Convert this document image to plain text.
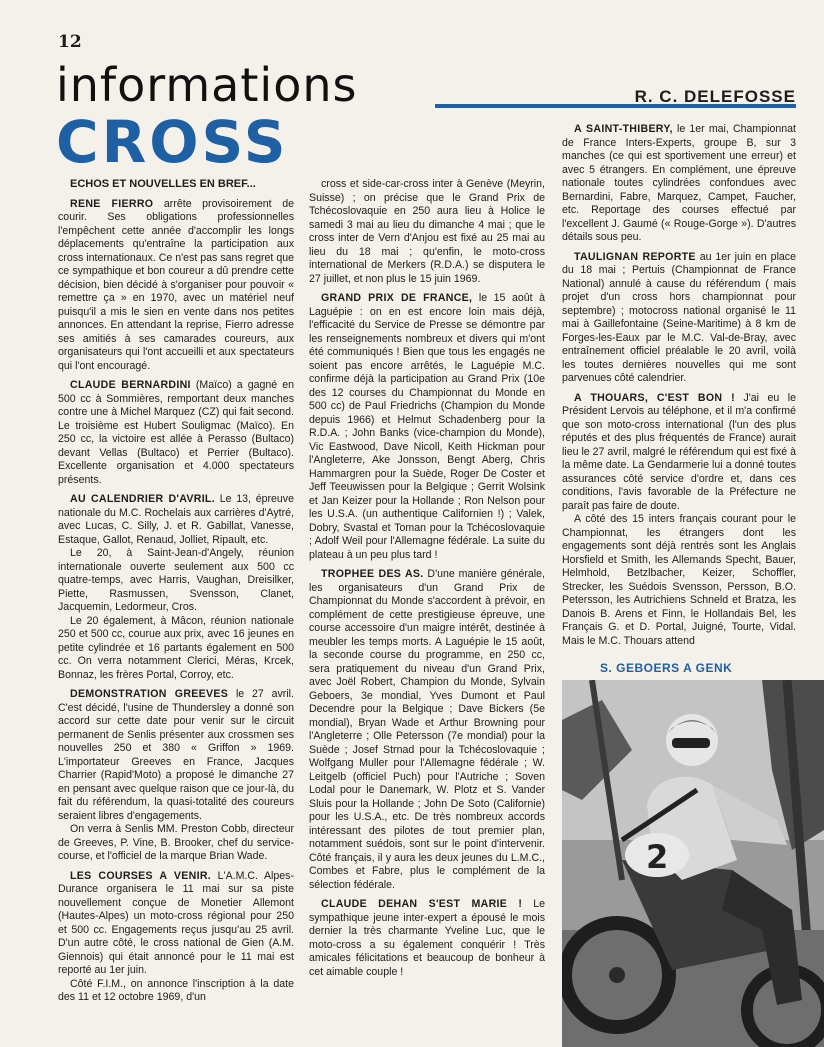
12
informations
CROSS
R. C. DELEFOSSE
ECHOS ET NOUVELLES EN BREF...

RENE FIERRO arrête provisoirement de courir. Ses obligations professionnelles l'empêchent cette année d'accomplir les longs déplacements qu'entraîne la participation aux cross internationaux. Ce n'est pas sans regret que ce sympathique et bon coureur a dû prendre cette décision, bien décidé à s'organiser pour pouvoir « remettre ça » en 1970, avec un matériel neuf puisqu'il a mis le sien en vente dans nos petites annonces. En attendant la reprise, Fierro adresse ses amitiés à ses camarades coureurs, aux organisateurs qui l'ont accueilli et aux spectateurs qui l'ont encouragé.

CLAUDE BERNARDINI (Maïco) a gagné en 500 cc à Sommières, remportant deux manches contre une à Michel Marquez (CZ) qui fait second. Le troisième est Hubert Souligmac (Maïco). En 250 cc, la victoire est allée à Perasso (Bultaco) devant Vellas (Bultaco) et Perrier (Bultaco). Excellente organisation et 4.000 spectateurs présents.

AU CALENDRIER D'AVRIL. Le 13, épreuve nationale du M.C. Rochelais aux carrières d'Aytré, avec Lucas, C. Silly, J. et R. Gabillat, Vanesse, Estaque, Gallot, Renaud, Jolliet, Ripault, etc.

Le 20, à Saint-Jean-d'Angely, réunion internationale ouverte seulement aux 500 cc quatre-temps, avec Harris, Vaughan, Dreisilker, Piette, Rasmussen, Svensson, Clanet, Jacquemin, Ledormeur, Cros.

Le 20 également, à Mâcon, réunion nationale 250 et 500 cc, courue aux prix, avec 16 jeunes en petite cylindrée et 16 partants également en 500 cc. On verra notamment Clerici, Méras, Krcek, Bonnaz, les frères Portal, Corroy, etc.

DEMONSTRATION GREEVES le 27 avril. C'est décidé, l'usine de Thundersley a donné son accord sur cette date pour venir sur le circuit permanent de Senlis présenter aux crossmen ses nouvelles 250 et 380 « Griffon » 1969. L'importateur Greeves en France, Jacques Charrier (Rapid'Moto) a proposé le dimanche 27 en pensant avec quelque raison que ce jour-là, du fait du référendum, la quasi-totalité des coureurs seraient libres d'engagements.

On verra à Senlis MM. Preston Cobb, directeur de Greeves, P. Vine, B. Brooker, chef du service-course, et l'officiel de la marque Brian Wade.

LES COURSES A VENIR. L'A.M.C. Alpes-Durance organisera le 11 mai sur sa piste nouvellement conçue de Monetier Allemont (Hautes-Alpes) un moto-cross régional pour 250 et 500 cc. Engagements reçus jusqu'au 25 avril. D'un autre côté, le cross national de Gien (A.M. Giennois) qui était annoncé pour le 11 mai est reporté au 1er juin.

Côté F.I.M., on annonce l'inscription à la date des 11 et 12 octobre 1969, d'un

cross et side-car-cross inter à Genève (Meyrin, Suisse) ; on précise que le Grand Prix de Tchécoslovaquie en 250 aura lieu à Holice le samedi 3 mai au lieu du dimanche 4 mai ; que le cross inter de Vern d'Anjou est fixé au 25 mai au lieu du 18 mai ; qu'enfin, le moto-cross international de Merkers (R.D.A.) se disputera le 27 juillet, et non plus le 15 juin 1969.

GRAND PRIX DE FRANCE, le 15 août à Laguépie : on en est encore loin mais déjà, l'efficacité du Service de Presse se démontre par les renseignements nombreux et divers qui m'ont été communiqués ! Bien que tous les engagés ne soient pas encore arrêtés, le Laguépie M.C. confirme déjà la participation au Grand Prix (10e des 12 courses du Championnat du Monde en 500 cc) de Paul Friedrichs (Champion du Monde depuis 1966) et Helmut Schadenberg pour la R.D.A. ; John Banks (vice-champion du Monde), Vic Eastwood, Dave Nicoll, Keith Hickman pour l'Angleterre, Ake Jonsson, Bengt Aberg, Chris Hammargren pour la Suède, Roger De Coster et Jeff Teeuwissen pour la Belgique ; Gerrit Wolsink et Jan Keizer pour la Hollande ; Ron Nelson pour les U.S.A. (un authentique Californien !) ; Valek, Dobry, Svastal et Toman pour la Tchécoslovaquie ; Adolf Weil pour l'Allemagne fédérale. La suite du plateau à un peu plus tard !

TROPHEE DES AS. D'une manière générale, les organisateurs d'un Grand Prix de Championnat du Monde s'accordent à prévoir, en complément de cette prestigieuse épreuve, une course accessoire d'un maigre intérêt, destinée à meubler les temps morts. A Laguépie le 15 août, la seconde course du programme, en 250 cc, sera pratiquement du niveau d'un Grand Prix, avec Joël Robert, Champion du Monde, Sylvain Geboers, 3e mondial, Yves Dumont et Paul Decendre pour la Belgique ; Dave Bickers (5e mondial), Bryan Wade et Arthur Browning pour l'Angleterre ; Olle Petersson (7e mondial) pour la Suède ; Josef Strnad pour la Tchécoslovaquie ; Wolfgang Muller pour l'Allemagne fédérale ; W. Leitgelb (officiel Puch) pour l'Autriche ; Soven Lodal pour le Danemark, W. Plotz et S. Vander Sluis pour la Hollande ; John De Soto (Californie) pour les U.S.A., etc. De très nombreux accords intéressant des pilotes de tout premier plan, notamment suédois, sont sur le point d'intervenir. Côté français, il y aura les deux jeunes du L.M.C., Combes et Fabre, plus le complément de la sélection fédérale.

CLAUDE DEHAN S'EST MARIE ! Le sympathique jeune inter-expert a épousé le mois dernier la très charmante Yveline Luc, que le moto-cross a su également conquérir ! Très amicales félicitations et beaucoup de bonheur à cet aimable couple !

A SAINT-THIBERY, le 1er mai, Championnat de France Inters-Experts, groupe B, sur 3 manches (ce qui est sportivement une erreur) et avec 5 étrangers. En complément, une épreuve nationale toutes cylindrées confondues avec Bernardini, Fabre, Marquez, Campet, Faucher, etc. Reportage des courses effectué par l'excellent J. Gaumé (« Rouge-Gorge »). D'autres détails sous peu.

TAULIGNAN REPORTE au 1er juin en place du 18 mai ; Pertuis (Championnat de France National) annulé à cause du référendum ( mais projet d'un cross hors championnat pour septembre) ; motocross national organisé le 11 mai à Gaillefontaine (Seine-Maritime) à 8 km de Forges-les-Eaux par le M.C. Val-de-Bray, avec entraînement officiel préalable le 20 avril, voilà les toutes dernières nouvelles qui me sont parvenues côté calendrier.

A THOUARS, C'EST BON ! J'ai eu le Président Lervois au téléphone, et il m'a confirmé que son moto-cross international (l'un des plus réputés et des plus fréquentés de France) aurait lieu le 27 avril, malgré le référendum qui est fixé à la même date. La Gendarmerie lui a donné toutes assurances côté service d'ordre et, dans ces conditions, l'avis favorable de la Préfecture ne paraît pas faire de doute.

A côté des 15 inters français courant pour le Championnat, les étrangers dont les engagements sont déjà rentrés sont les Anglais Horsfield et Smith, les Allemands Specht, Bauer, Helmhold, Betzlbacher, Keizer, Schoffler, Strecker, les Suédois Svensson, Persson, B.O. Petersson, les Autrichiens Schneld et Bratza, les Danois B. Arens et Finn, le Hollandais Bel, les Français G. et D. Portal, Juigné, Tourte, Vidal. Mais le M.C. Thouars attend

S. GEBOERS A GENK
2
